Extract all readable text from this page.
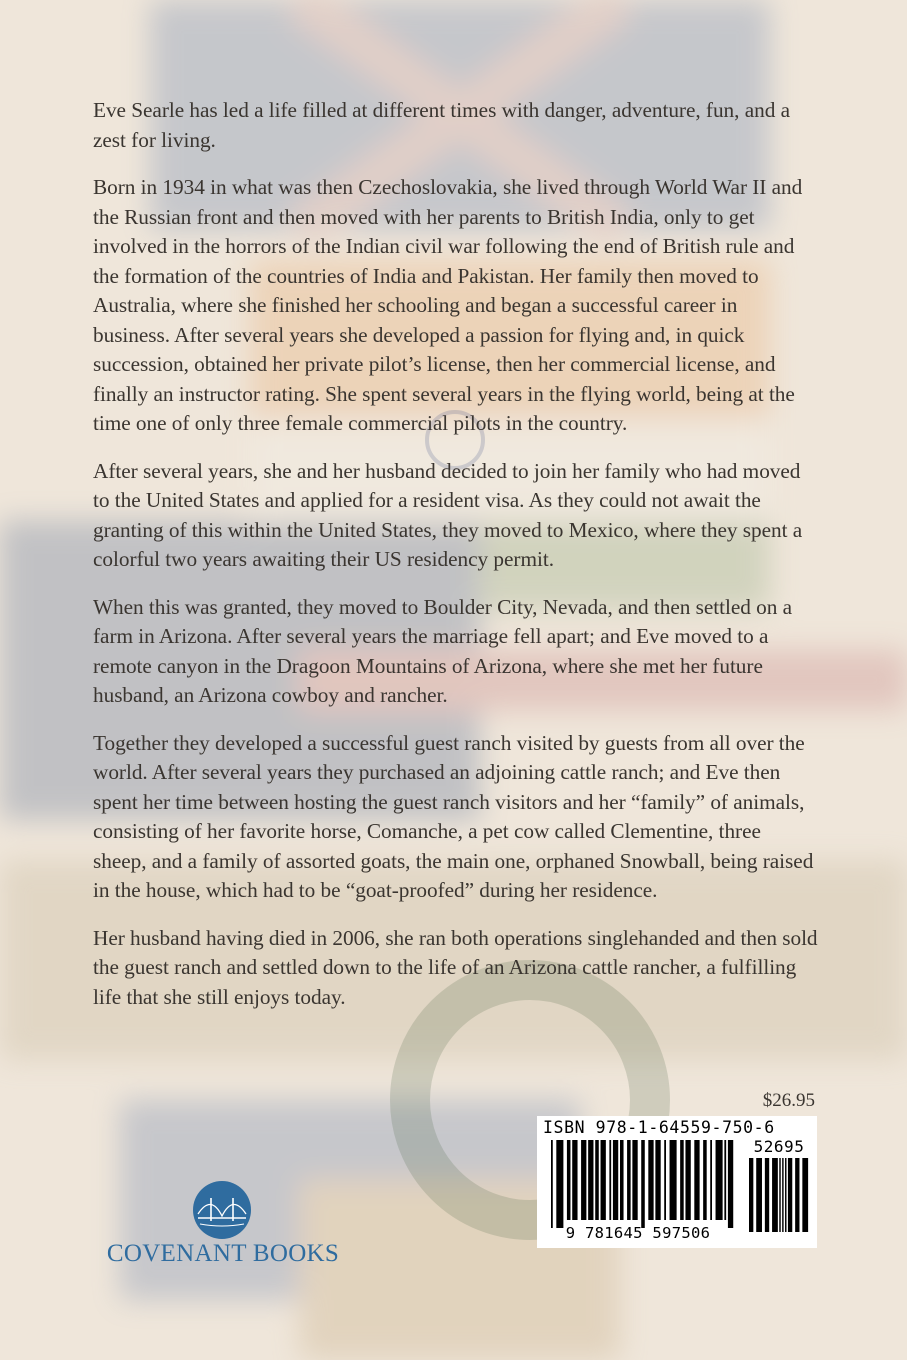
Eve Searle has led a life filled at different times with danger, adventure, fun, and a zest for living.

Born in 1934 in what was then Czechoslovakia, she lived through World War II and the Russian front and then moved with her parents to British India, only to get involved in the horrors of the Indian civil war following the end of British rule and the formation of the countries of India and Pakistan. Her family then moved to Australia, where she finished her schooling and began a successful career in business. After several years she developed a passion for flying and, in quick succession, obtained her private pilot’s license, then her commercial license, and finally an instructor rating. She spent several years in the flying world, being at the time one of only three female commercial pilots in the country.

After several years, she and her husband decided to join her family who had moved to the United States and applied for a resident visa. As they could not await the granting of this within the United States, they moved to Mexico, where they spent a colorful two years awaiting their US residency permit.

When this was granted, they moved to Boulder City, Nevada, and then settled on a farm in Arizona. After several years the marriage fell apart; and Eve moved to a remote canyon in the Dragoon Mountains of Arizona, where she met her future husband, an Arizona cowboy and rancher.

Together they developed a successful guest ranch visited by guests from all over the world. After several years they purchased an adjoining cattle ranch; and Eve then spent her time between hosting the guest ranch visitors and her “family” of animals, consisting of her favorite horse, Comanche, a pet cow called Clementine, three sheep, and a family of assorted goats, the main one, orphaned Snowball, being raised in the house, which had to be “goat-proofed” during her residence.

Her husband having died in 2006, she ran both operations singlehanded and then sold the guest ranch and settled down to the life of an Arizona cattle rancher, a fulfilling life that she still enjoys today.

$26.95
ISBN 978-1-64559-750-6
52695
9 781645 597506
COVENANT BOOKS
